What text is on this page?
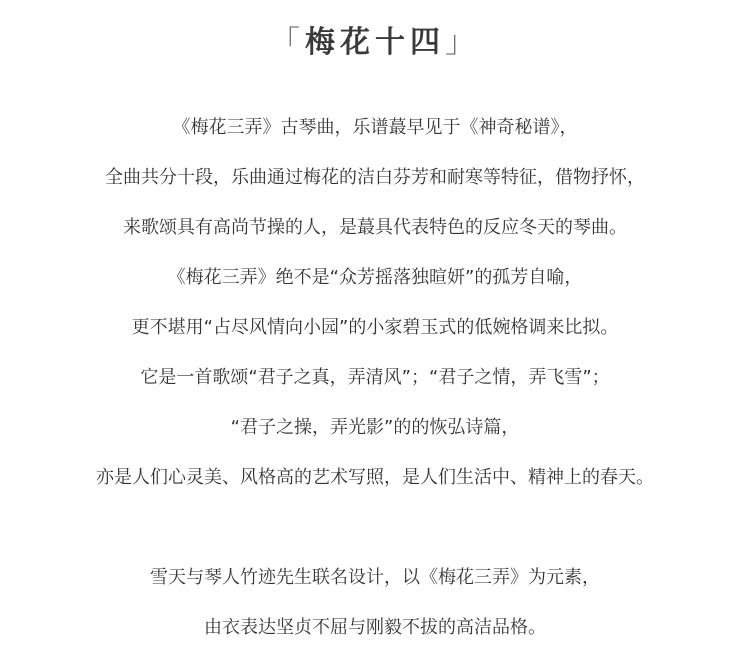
「梅花十四」
《梅花三弄》古琴曲，乐谱蕞早见于《神奇秘谱》，
全曲共分十段，乐曲通过梅花的洁白芬芳和耐寒等特征，借物抒怀，
来歌颂具有高尚节操的人，是蕞具代表特色的反应冬天的琴曲。
《梅花三弄》绝不是“众芳摇落独暄妍”的孤芳自喻，
更不堪用“占尽风情向小园”的小家碧玉式的低婉格调来比拟。
它是一首歌颂“君子之真，弄清风”；“君子之情，弄飞雪”；
“君子之操，弄光影”的的恢弘诗篇，
亦是人们心灵美、风格高的艺术写照，是人们生活中、精神上的春天。
雪天与琴人竹迹先生联名设计，以《梅花三弄》为元素，
由衣表达坚贞不屈与刚毅不拔的高洁品格。
